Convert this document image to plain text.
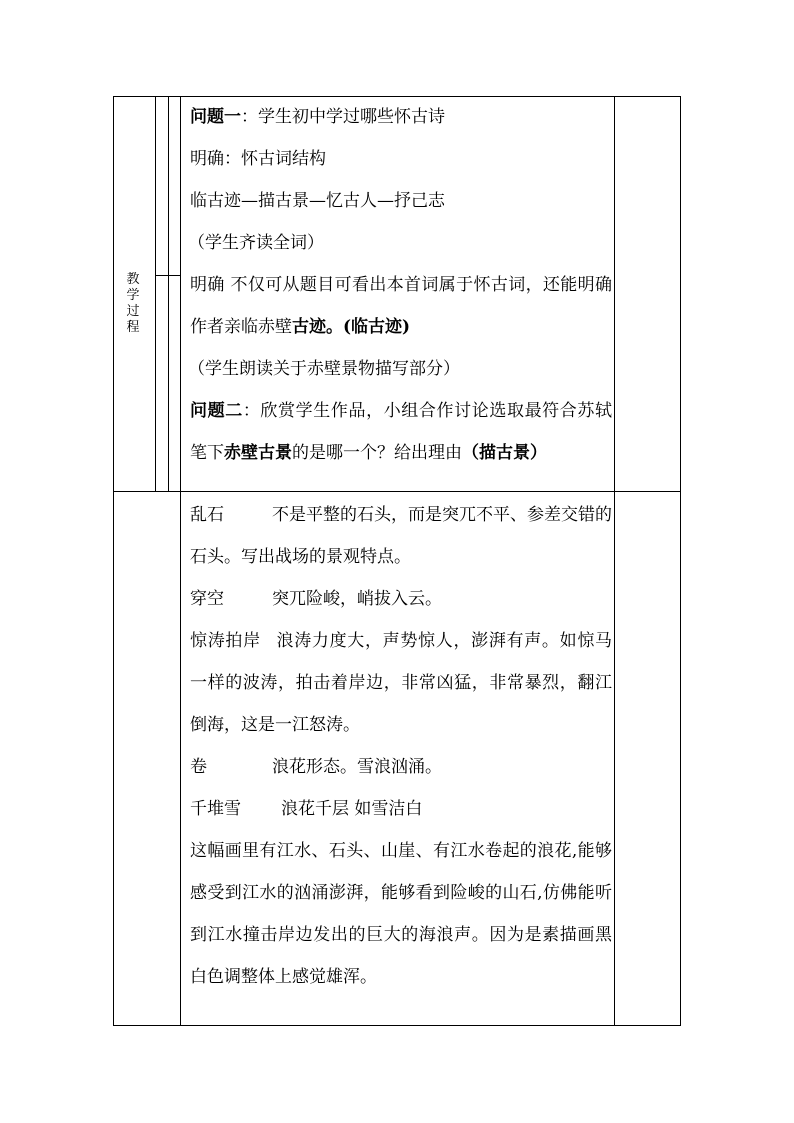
教学过程
问题一：学生初中学过哪些怀古诗
明确：怀古词结构
临古迹—描古景—忆古人—抒己志
（学生齐读全词）
明确 不仅可从题目可看出本首词属于怀古词，还能明确作者亲临赤壁古迹。(临古迹)
（学生朗读关于赤壁景物描写部分）
问题二：欣赏学生作品，小组合作讨论选取最符合苏轼笔下赤壁古景的是哪一个？给出理由（描古景）
乱石	不是平整的石头，而是突兀不平、参差交错的石头。写出战场的景观特点。
穿空	突兀险峻，峭拔入云。
惊涛拍岸 浪涛力度大，声势惊人，澎湃有声。如惊马一样的波涛，拍击着岸边，非常凶猛，非常暴烈，翻江倒海，这是一江怒涛。
卷	浪花形态。雪浪汹涌。
千堆雪 浪花千层 如雪洁白
这幅画里有江水、石头、山崖、有江水卷起的浪花,能够感受到江水的汹涌澎湃，能够看到险峻的山石,仿佛能听到江水撞击岸边发出的巨大的海浪声。因为是素描画黑白色调整体上感觉雄浑。
